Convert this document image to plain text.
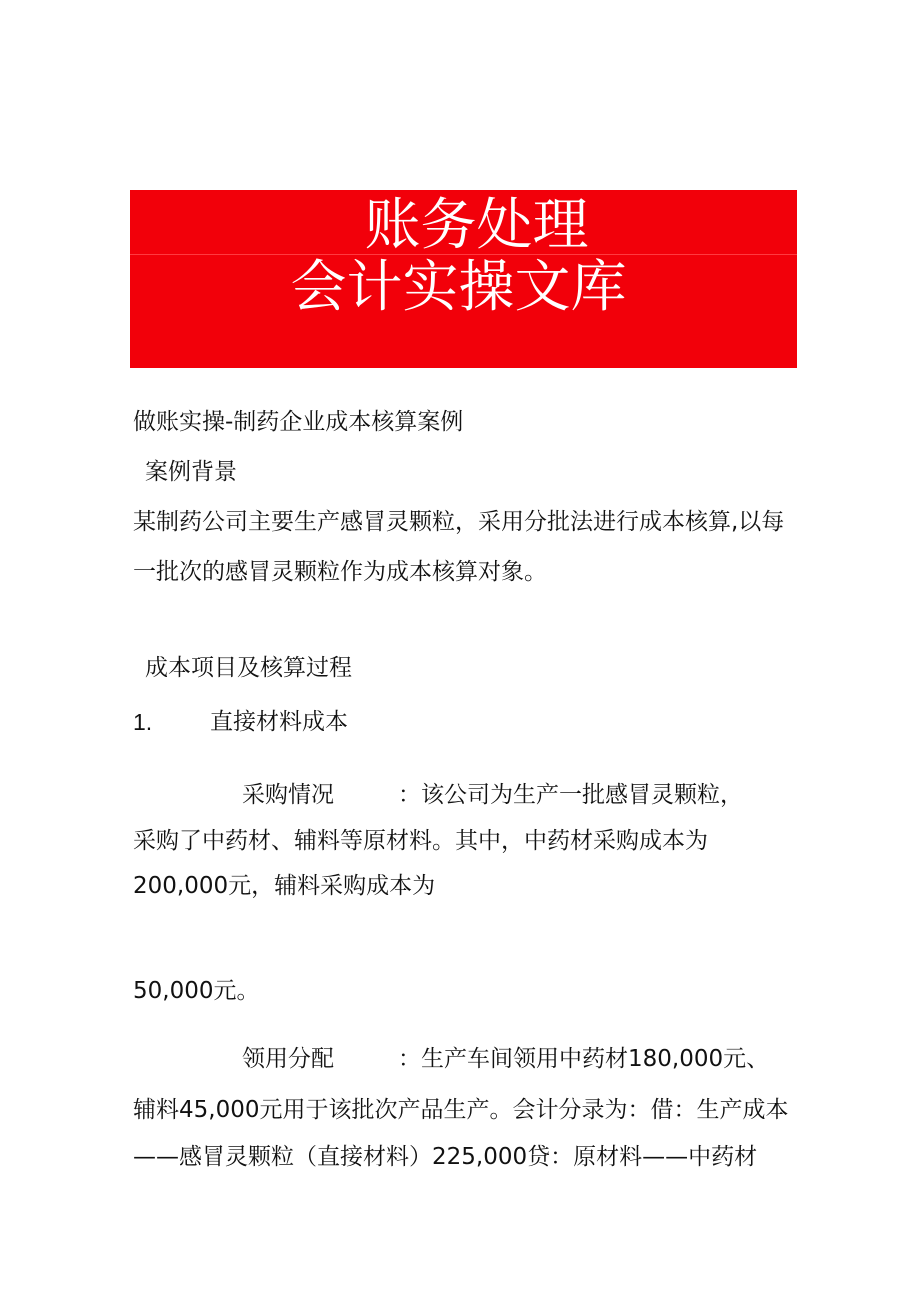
账务处理
会计实操文库
做账实操-制药企业成本核算案例
案例背景
某制药公司主要生产感冒灵颗粒，采用分批法进行成本核算,以每
一批次的感冒灵颗粒作为成本核算对象。
成本项目及核算过程
1.	直接材料成本
采购情况	：该公司为生产一批感冒灵颗粒，
采购了中药材、辅料等原材料。其中，中药材采购成本为
200,000元，辅料采购成本为
50,000元。
领用分配	：生产车间领用中药材180,000元、
辅料45,000元用于该批次产品生产。会计分录为：借：生产成本
——感冒灵颗粒（直接材料）225,000贷：原材料——中药材
